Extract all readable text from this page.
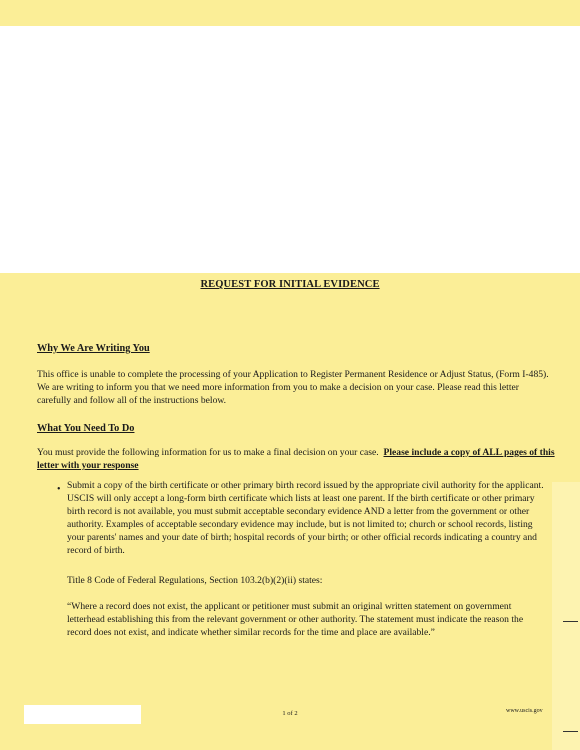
REQUEST FOR INITIAL EVIDENCE
Why We Are Writing You
This office is unable to complete the processing of your Application to Register Permanent Residence or Adjust Status, (Form I-485). We are writing to inform you that we need more information from you to make a decision on your case. Please read this letter carefully and follow all of the instructions below.
What You Need To Do
You must provide the following information for us to make a final decision on your case. Please include a copy of ALL pages of this letter with your response
• Submit a copy of the birth certificate or other primary birth record issued by the appropriate civil authority for the applicant. USCIS will only accept a long-form birth certificate which lists at least one parent. If the birth certificate or other primary birth record is not available, you must submit acceptable secondary evidence AND a letter from the government or other authority. Examples of acceptable secondary evidence may include, but is not limited to; church or school records, listing your parents' names and your date of birth; hospital records of your birth; or other official records indicating a country and record of birth.
Title 8 Code of Federal Regulations, Section 103.2(b)(2)(ii) states:
“Where a record does not exist, the applicant or petitioner must submit an original written statement on government letterhead establishing this from the relevant government or other authority. The statement must indicate the reason the record does not exist, and indicate whether similar records for the time and place are available.”
1 of 2	www.uscis.gov
